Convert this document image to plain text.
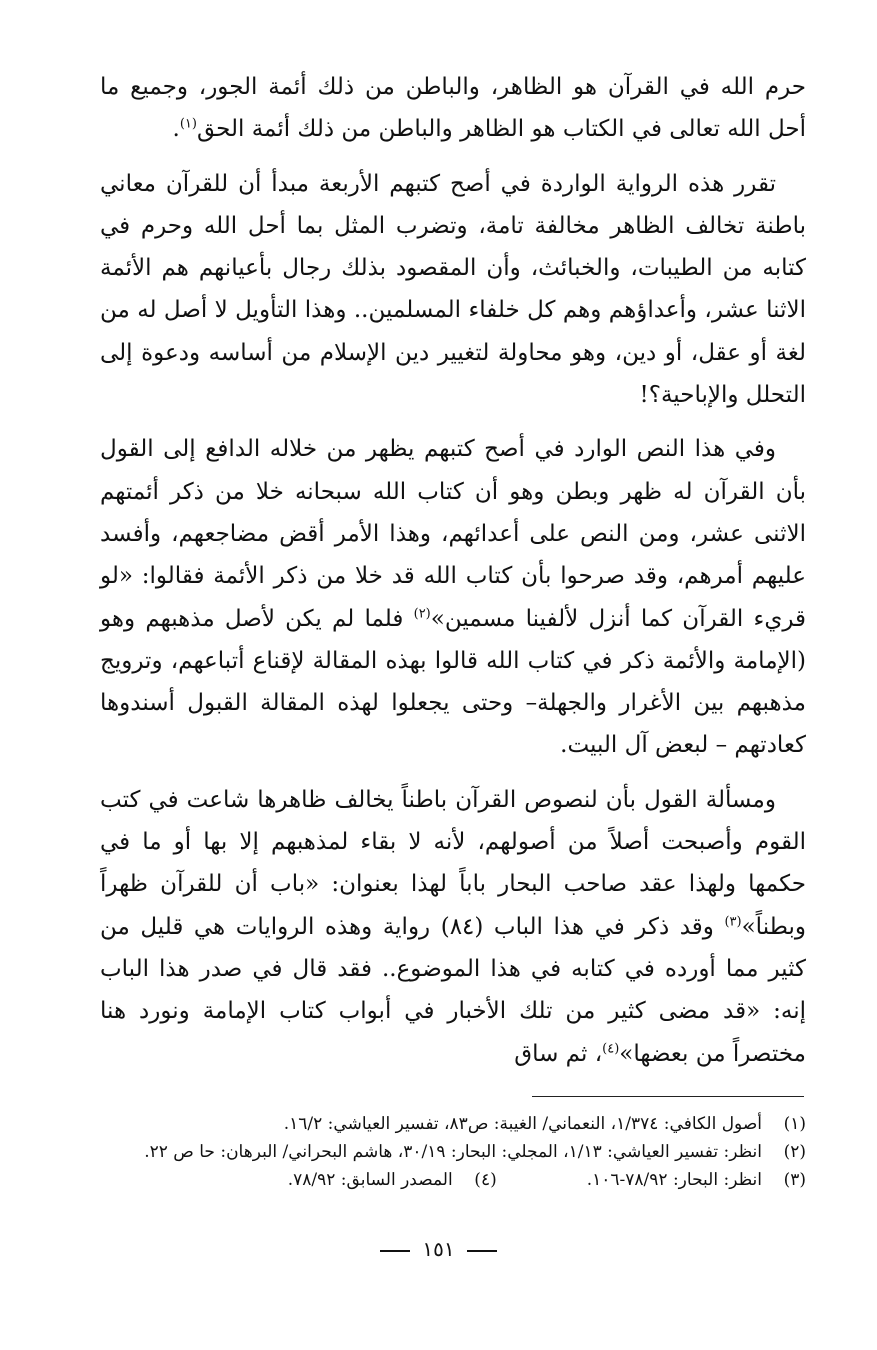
حرم الله في القرآن هو الظاهر، والباطن من ذلك أئمة الجور، وجميع ما أحل الله تعالى في الكتاب هو الظاهر والباطن من ذلك أئمة الحق$^{(١)}$.

تقرر هذه الرواية الواردة في أصح كتبهم الأربعة مبدأ أن للقرآن معاني باطنة تخالف الظاهر مخالفة تامة، وتضرب المثل بما أحل الله وحرم في كتابه من الطيبات، والخبائث، وأن المقصود بذلك رجال بأعيانهم هم الأئمة الاثنا عشر، وأعداؤهم وهم كل خلفاء المسلمين.. وهذا التأويل لا أصل له من لغة أو عقل، أو دين، وهو محاولة لتغيير دين الإسلام من أساسه ودعوة إلى التحلل والإباحية؟!

وفي هذا النص الوارد في أصح كتبهم يظهر من خلاله الدافع إلى القول بأن القرآن له ظهر وبطن وهو أن كتاب الله سبحانه خلا من ذكر أئمتهم الاثنى عشر، ومن النص على أعدائهم، وهذا الأمر أقض مضاجعهم، وأفسد عليهم أمرهم، وقد صرحوا بأن كتاب الله قد خلا من ذكر الأئمة فقالوا: «لو قريء القرآن كما أنزل لألفينا مسمين»$^{(٢)}$ فلما لم يكن لأصل مذهبهم وهو (الإمامة والأئمة ذكر في كتاب الله قالوا بهذه المقالة لإقناع أتباعهم، وترويج مذهبهم بين الأغرار والجهلة– وحتى يجعلوا لهذه المقالة القبول أسندوها كعادتهم – لبعض آل البيت.

ومسألة القول بأن لنصوص القرآن باطناً يخالف ظاهرها شاعت في كتب القوم وأصبحت أصلاً من أصولهم، لأنه لا بقاء لمذهبهم إلا بها أو ما في حكمها ولهذا عقد صاحب البحار باباً لهذا بعنوان: «باب أن للقرآن ظهراً وبطناً»$^{(٣)}$ وقد ذكر في هذا الباب (٨٤) رواية وهذه الروايات هي قليل من كثير مما أورده في كتابه في هذا الموضوع.. فقد قال في صدر هذا الباب إنه: «قد مضى كثير من تلك الأخبار في أبواب كتاب الإمامة ونورد هنا مختصراً من بعضها»$^{(٤)}$، ثم ساق

(١)
أصول الكافي: ١/٣٧٤، النعماني/ الغيبة: ص٨٣، تفسير العياشي: ١٦/٢.
(٢)
انظر: تفسير العياشي: ١/١٣، المجلي: البحار: ٣٠/١٩، هاشم البحراني/ البرهان: حا ص ٢٢.
(٣)
انظر: البحار: ٧٨/٩٢-١٠٦.
(٤)
المصدر السابق: ٧٨/٩٢.
١٥١
